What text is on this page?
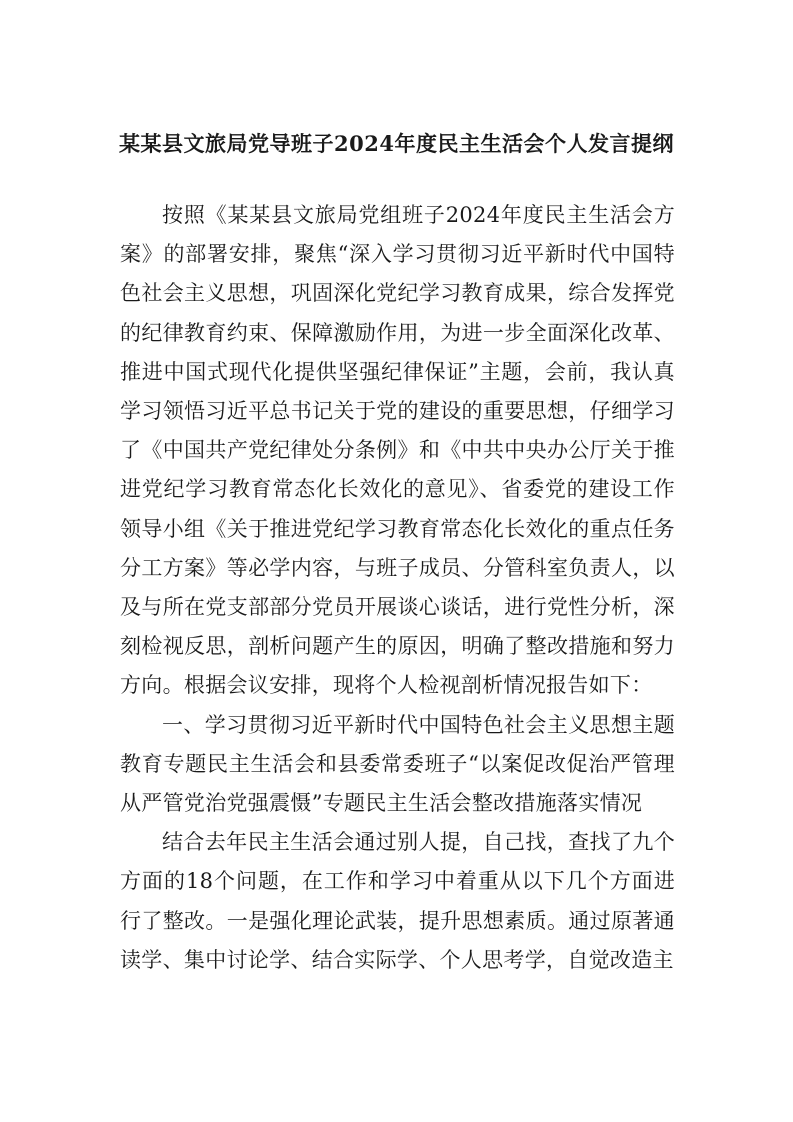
某某县文旅局党导班子2024年度民主生活会个人发言提纲

按照《某某县文旅局党组班子2024年度民主生活会方案》的部署安排，聚焦“深入学习贯彻习近平新时代中国特色社会主义思想，巩固深化党纪学习教育成果，综合发挥党的纪律教育约束、保障激励作用，为进一步全面深化改革、推进中国式现代化提供坚强纪律保证”主题，会前，我认真学习领悟习近平总书记关于党的建设的重要思想，仔细学习了《中国共产党纪律处分条例》和《中共中央办公厅关于推进党纪学习教育常态化长效化的意见》、省委党的建设工作领导小组《关于推进党纪学习教育常态化长效化的重点任务分工方案》等必学内容，与班子成员、分管科室负责人，以及与所在党支部部分党员开展谈心谈话，进行党性分析，深刻检视反思，剖析问题产生的原因，明确了整改措施和努力方向。根据会议安排，现将个人检视剖析情况报告如下：

一、学习贯彻习近平新时代中国特色社会主义思想主题教育专题民主生活会和县委常委班子“以案促改促治严管理从严管党治党强震慑”专题民主生活会整改措施落实情况

结合去年民主生活会通过别人提，自己找，查找了九个方面的18个问题，在工作和学习中着重从以下几个方面进行了整改。一是强化理论武装，提升思想素质。通过原著通读学、集中讨论学、结合实际学、个人思考学，自觉改造主
